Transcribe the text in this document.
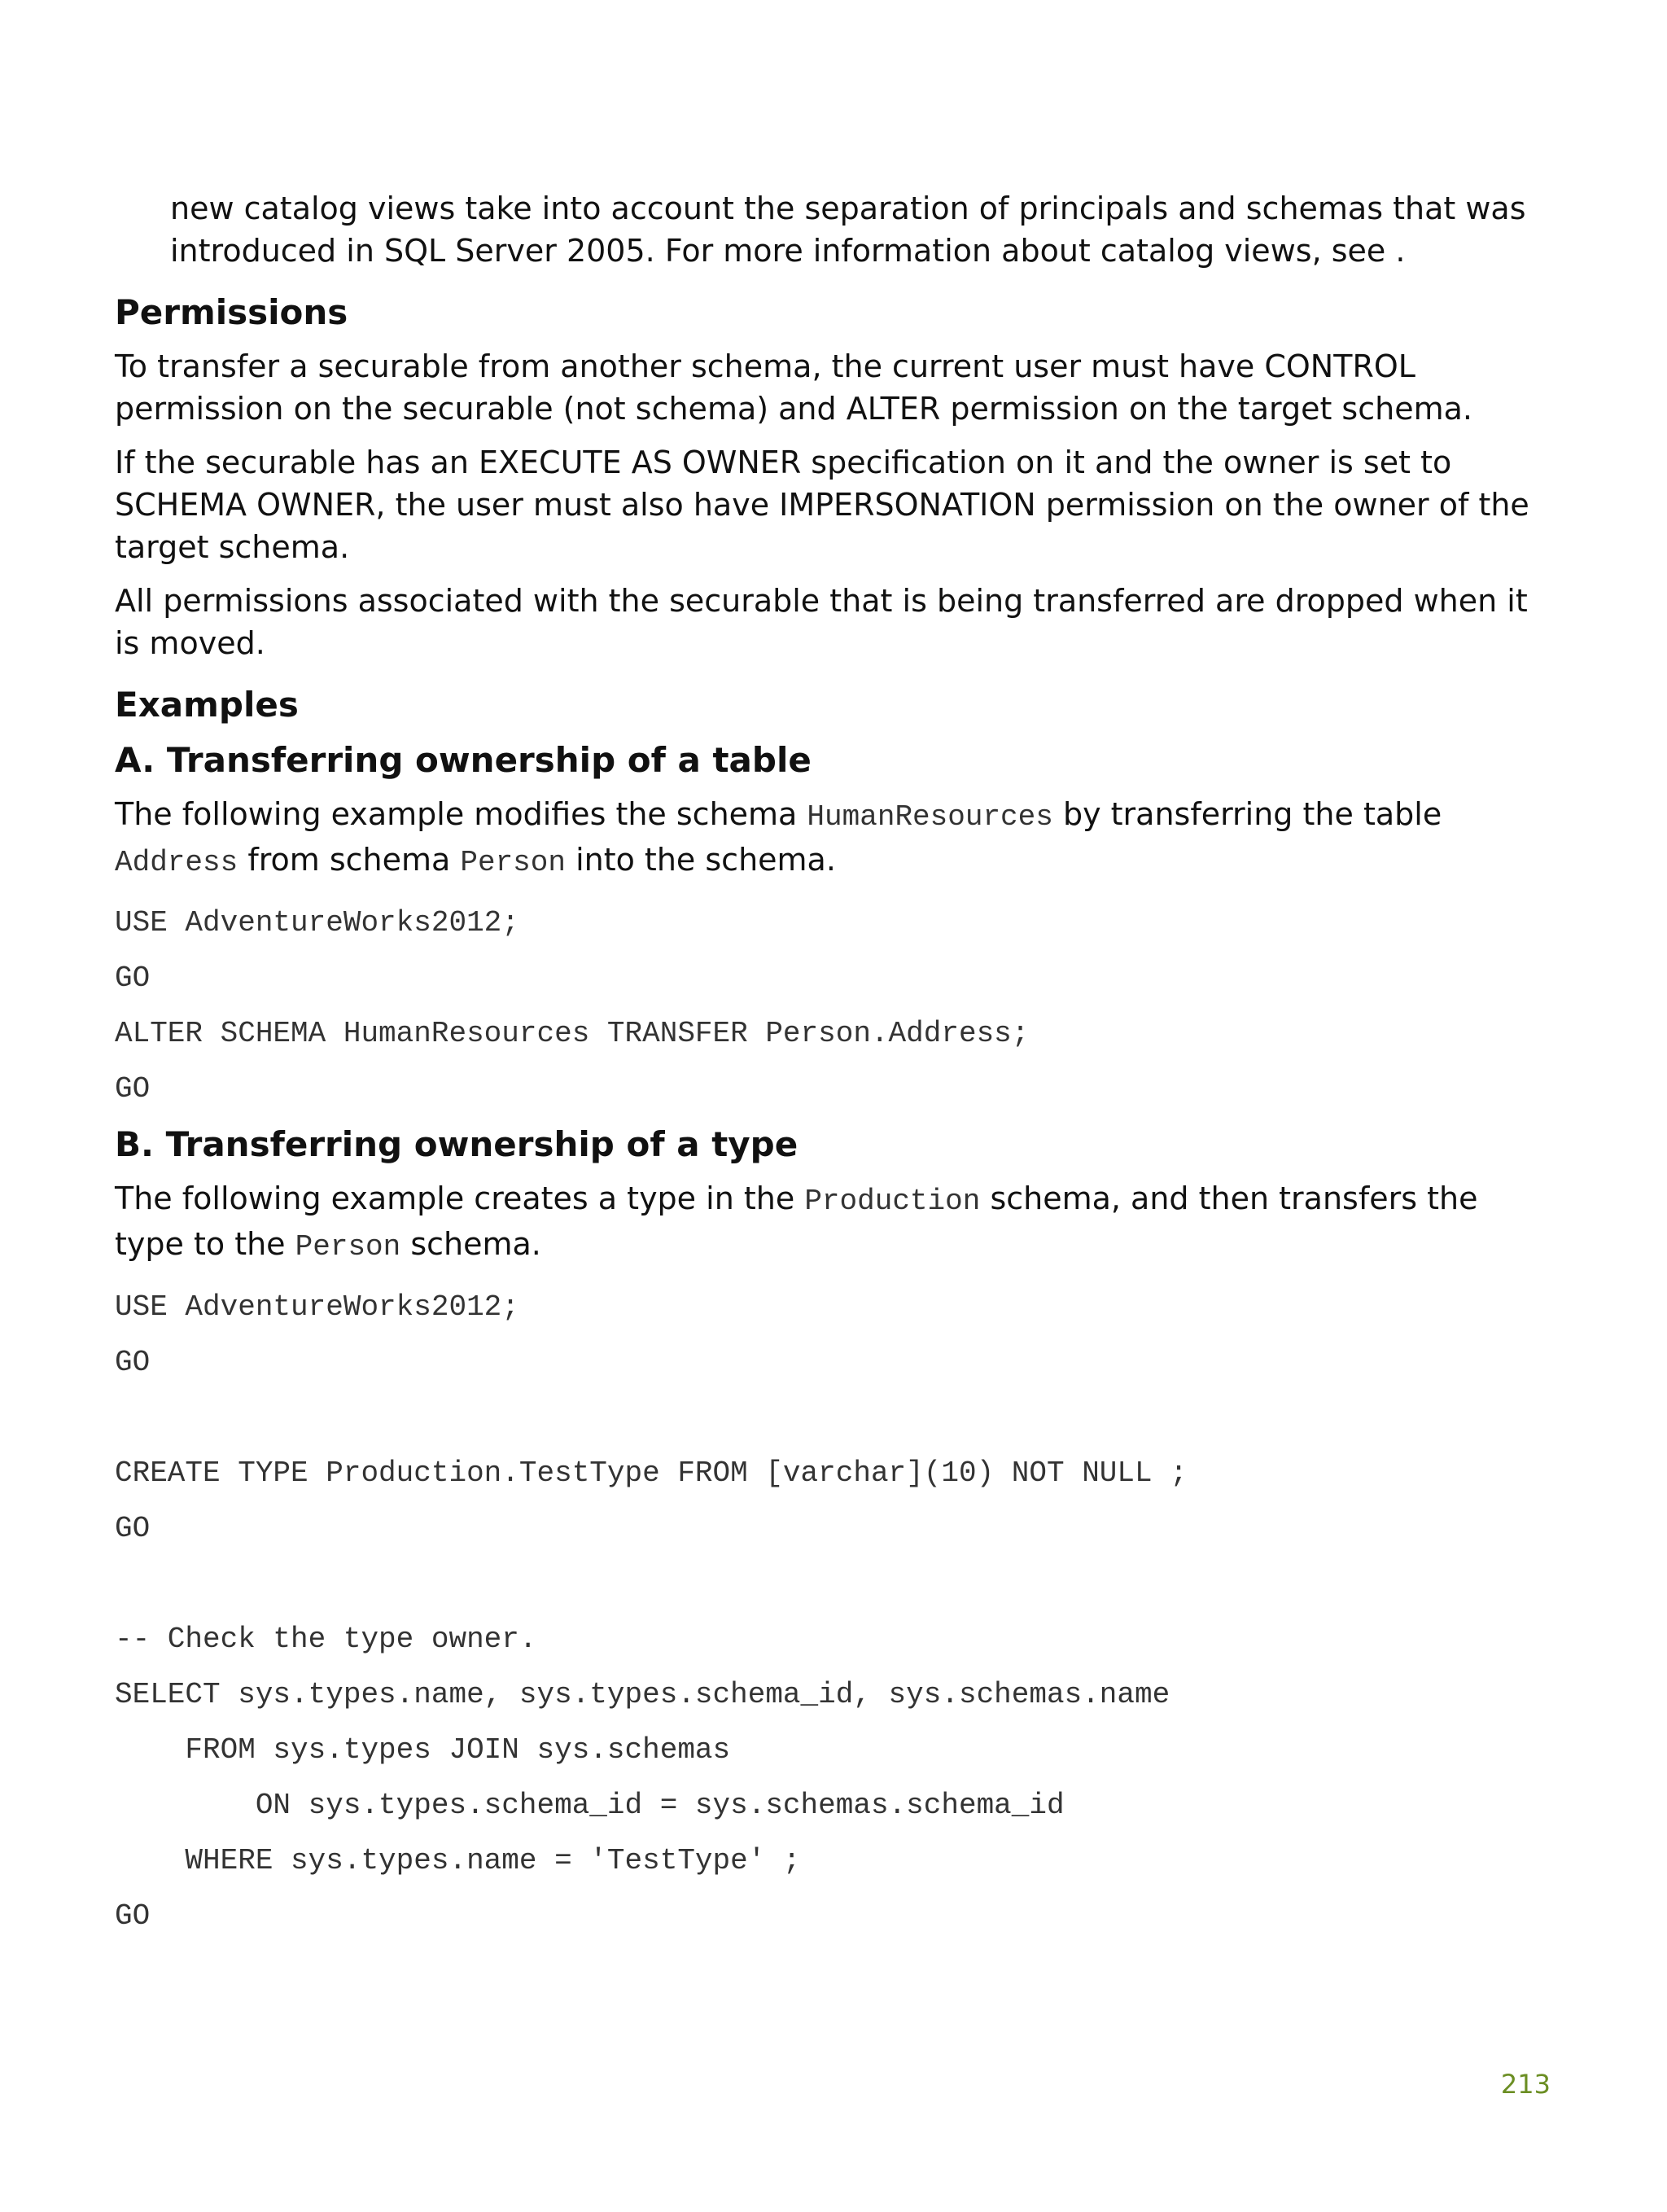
new catalog views take into account the separation of principals and schemas that was introduced in SQL Server 2005. For more information about catalog views, see .

Permissions

To transfer a securable from another schema, the current user must have CONTROL permission on the securable (not schema) and ALTER permission on the target schema.

If the securable has an EXECUTE AS OWNER specification on it and the owner is set to SCHEMA OWNER, the user must also have IMPERSONATION permission on the owner of the target schema.

All permissions associated with the securable that is being transferred are dropped when it is moved.

Examples
A. Transferring ownership of a table

The following example modifies the schema HumanResources by transferring the table Address from schema Person into the schema.

USE AdventureWorks2012;
GO
ALTER SCHEMA HumanResources TRANSFER Person.Address;
GO
B. Transferring ownership of a type

The following example creates a type in the Production schema, and then transfers the type to the Person schema.

USE AdventureWorks2012;
GO
CREATE TYPE Production.TestType FROM [varchar](10) NOT NULL ;
GO
-- Check the type owner.
SELECT sys.types.name, sys.types.schema_id, sys.schemas.name
FROM sys.types JOIN sys.schemas
ON sys.types.schema_id = sys.schemas.schema_id
WHERE sys.types.name = 'TestType' ;
GO
213
